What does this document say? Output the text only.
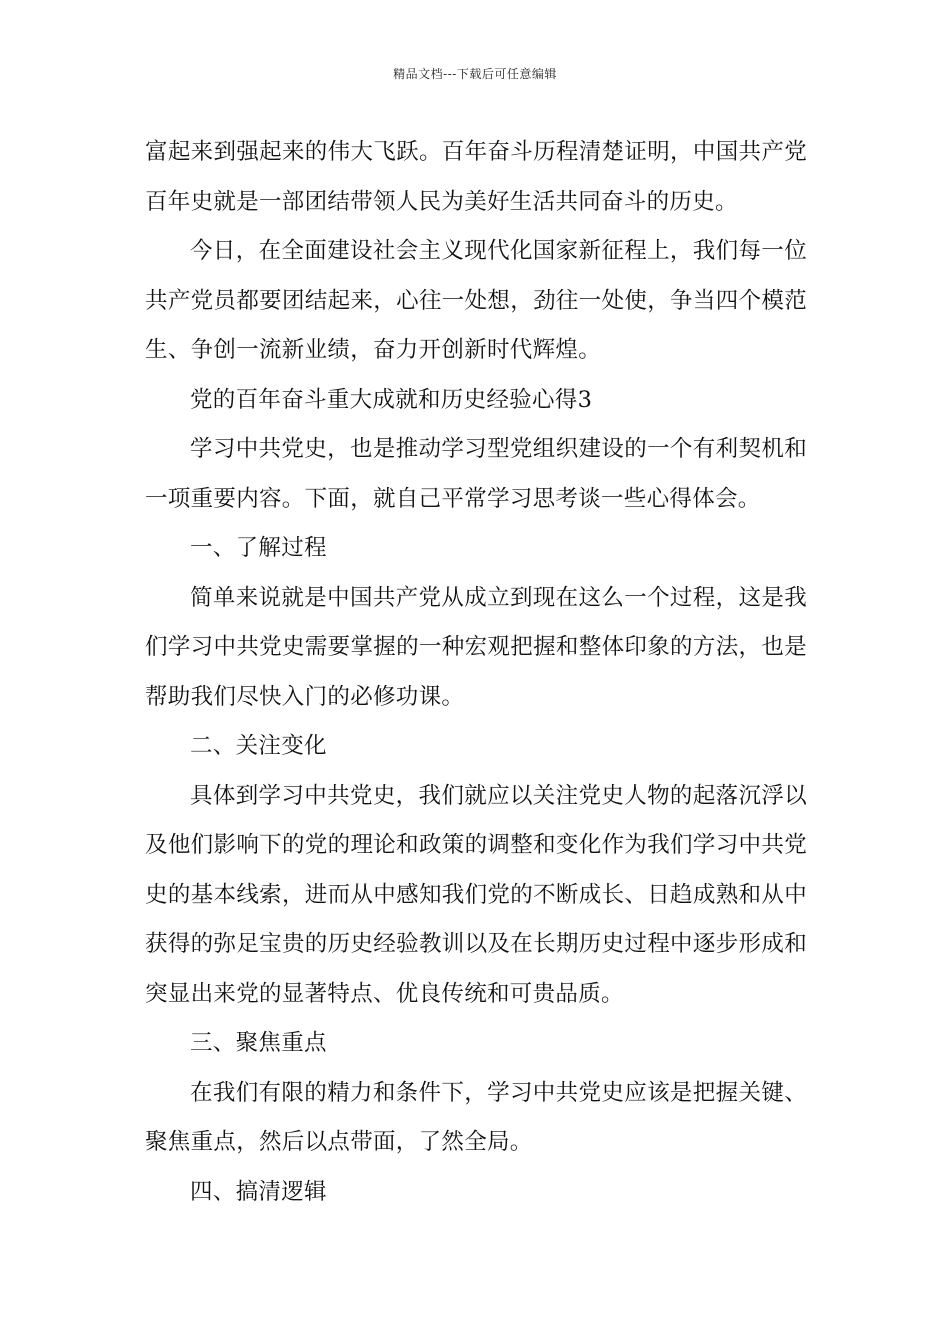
精品文档---下载后可任意编辑
富起来到强起来的伟大飞跃。百年奋斗历程清楚证明，中国共产党
百年史就是一部团结带领人民为美好生活共同奋斗的历史。
今日，在全面建设社会主义现代化国家新征程上，我们每一位
共产党员都要团结起来，心往一处想，劲往一处使，争当四个模范
生、争创一流新业绩，奋力开创新时代辉煌。
党的百年奋斗重大成就和历史经验心得3
学习中共党史，也是推动学习型党组织建设的一个有利契机和
一项重要内容。下面，就自己平常学习思考谈一些心得体会。
一、了解过程
简单来说就是中国共产党从成立到现在这么一个过程，这是我
们学习中共党史需要掌握的一种宏观把握和整体印象的方法，也是
帮助我们尽快入门的必修功课。
二、关注变化
具体到学习中共党史，我们就应以关注党史人物的起落沉浮以
及他们影响下的党的理论和政策的调整和变化作为我们学习中共党
史的基本线索，进而从中感知我们党的不断成长、日趋成熟和从中
获得的弥足宝贵的历史经验教训以及在长期历史过程中逐步形成和
突显出来党的显著特点、优良传统和可贵品质。
三、聚焦重点
在我们有限的精力和条件下，学习中共党史应该是把握关键、
聚焦重点，然后以点带面，了然全局。
四、搞清逻辑
